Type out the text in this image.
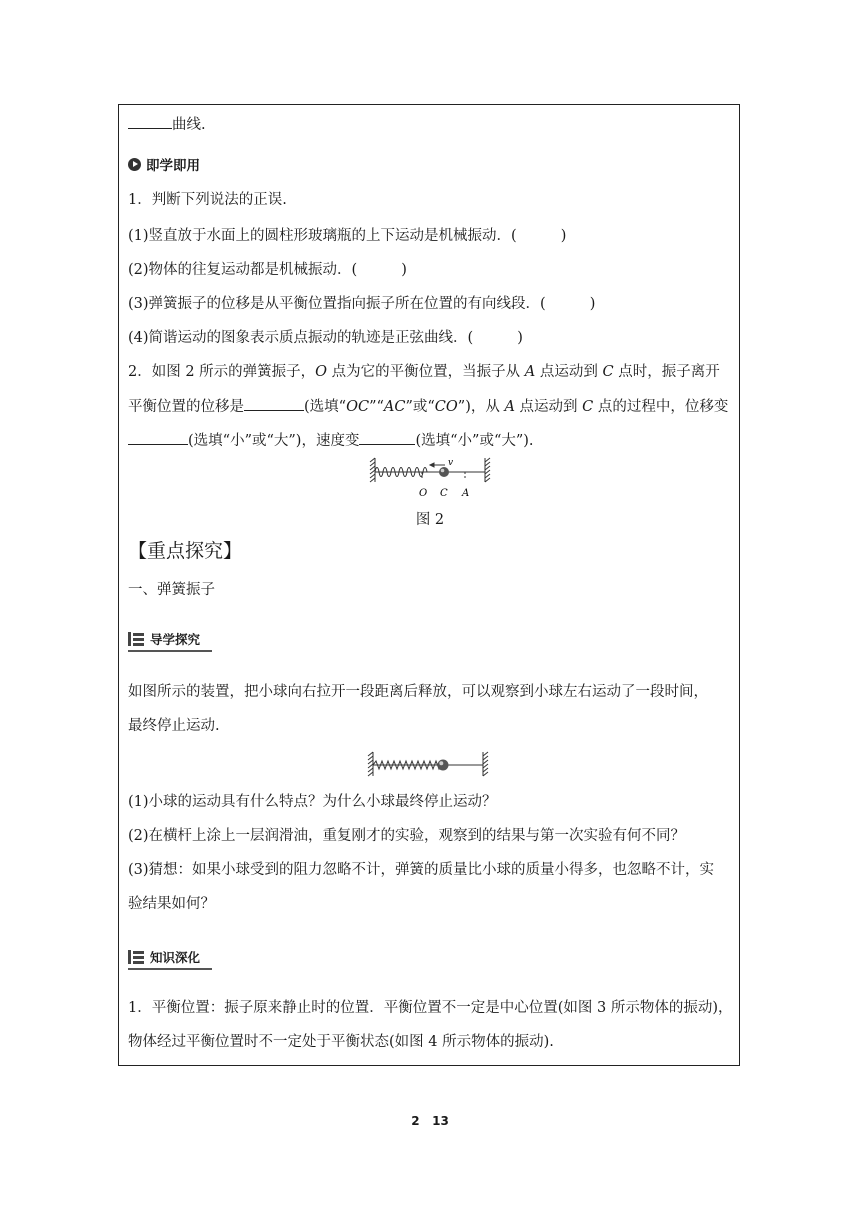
曲线.
即学即用
1．判断下列说法的正误.
(1)竖直放于水面上的圆柱形玻璃瓶的上下运动是机械振动．(	)
(2)物体的往复运动都是机械振动．(	)
(3)弹簧振子的位移是从平衡位置指向振子所在位置的有向线段．(	)
(4)简谐运动的图象表示质点振动的轨迹是正弦曲线．(	)
2．如图 2 所示的弹簧振子，O 点为它的平衡位置，当振子从 A 点运动到 C 点时，振子离开
平衡位置的位移是	(选填“OC”“AC”或“CO”)，从 A 点运动到 C 点的过程中，位移变
(选填“小”或“大”)，速度变	(选填“小”或“大”).
v
O C A
图 2
【重点探究】
一、弹簧振子
导学探究
如图所示的装置，把小球向右拉开一段距离后释放，可以观察到小球左右运动了一段时间，
最终停止运动.
(1)小球的运动具有什么特点？为什么小球最终停止运动？
(2)在横杆上涂上一层润滑油，重复刚才的实验，观察到的结果与第一次实验有何不同？
(3)猜想：如果小球受到的阻力忽略不计，弹簧的质量比小球的质量小得多，也忽略不计，实
验结果如何？
知识深化
1．平衡位置：振子原来静止时的位置．平衡位置不一定是中心位置(如图 3 所示物体的振动)，
物体经过平衡位置时不一定处于平衡状态(如图 4 所示物体的振动).
2 13
